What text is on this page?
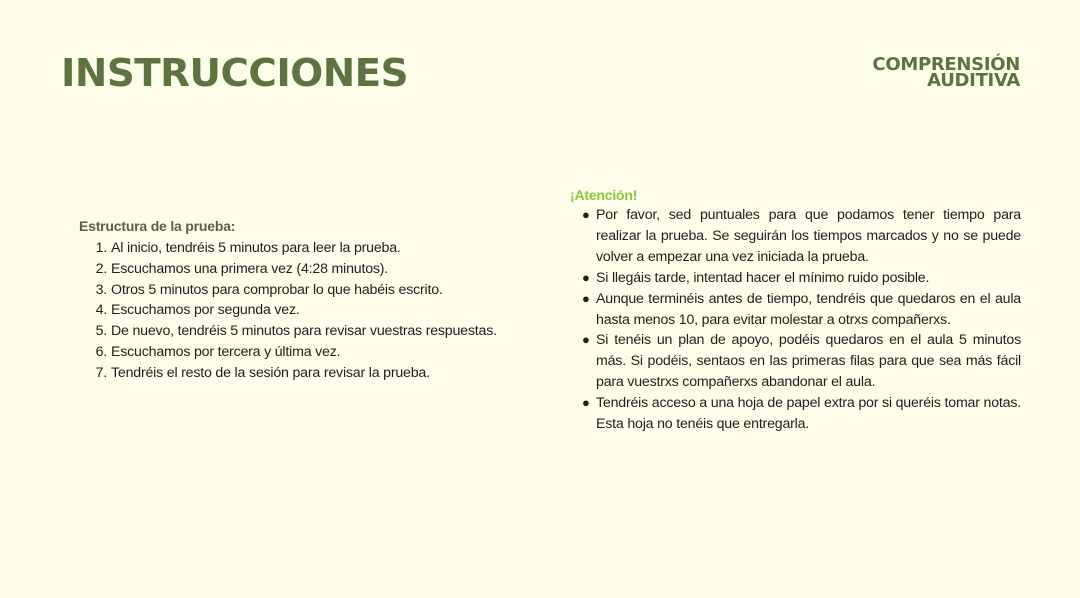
INSTRUCCIONES	COMPRENSIÓN
AUDITIVA

Estructura de la prueba:

1. Al inicio, tendréis 5 minutos para leer la prueba.
2. Escuchamos una primera vez (4:28 minutos).
3. Otros 5 minutos para comprobar lo que habéis escrito.
4. Escuchamos por segunda vez.
5. De nuevo, tendréis 5 minutos para revisar vuestras respuestas.
6. Escuchamos por tercera y última vez.
7. Tendréis el resto de la sesión para revisar la prueba.

¡Atención!

● Por favor, sed puntuales para que podamos tener tiempo para realizar la prueba. Se seguirán los tiempos marcados y no se puede volver a empezar una vez iniciada la prueba.
● Si llegáis tarde, intentad hacer el mínimo ruido posible.
● Aunque terminéis antes de tiempo, tendréis que quedaros en el aula hasta menos 10, para evitar molestar a otrxs compañerxs.
● Si tenéis un plan de apoyo, podéis quedaros en el aula 5 minutos más. Si podéis, sentaos en las primeras filas para que sea más fácil para vuestrxs compañerxs abandonar el aula.
● Tendréis acceso a una hoja de papel extra por si queréis tomar notas. Esta hoja no tenéis que entregarla.
